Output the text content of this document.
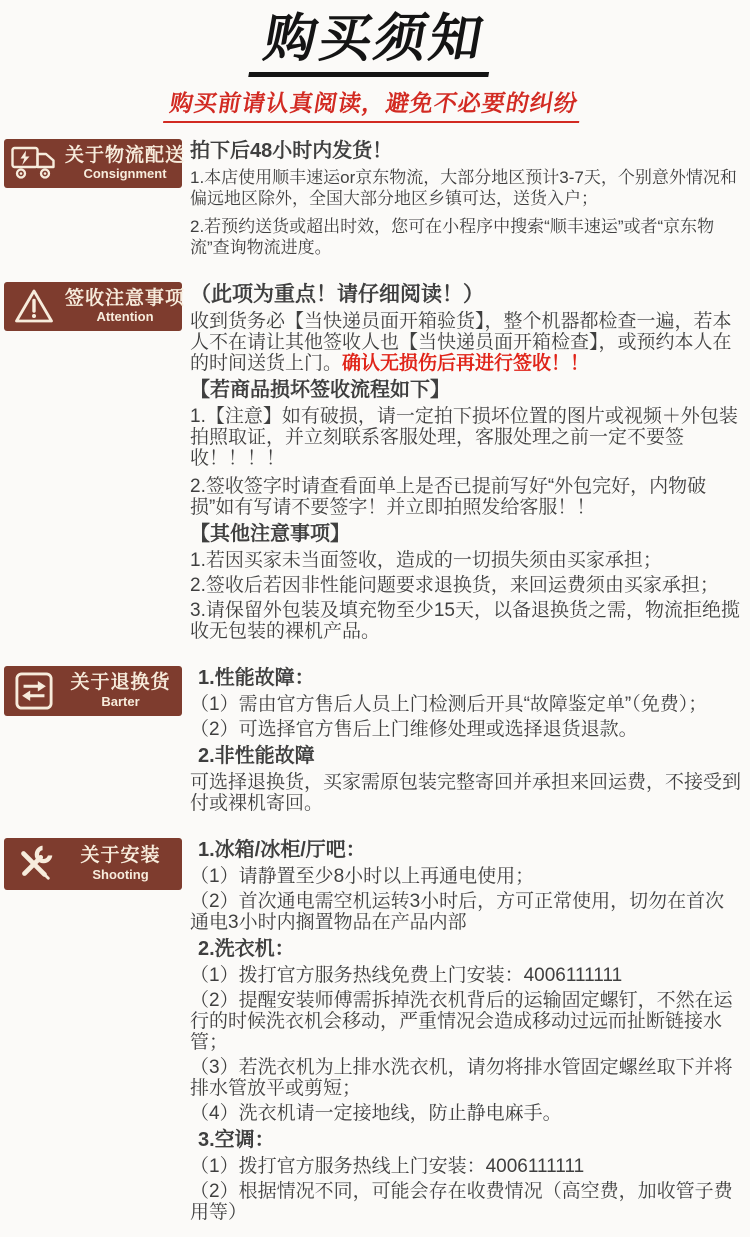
购买须知
购买前请认真阅读，避免不必要的纠纷
关于物流配送
Consignment

拍下后48小时内发货！

1.本店使用顺丰速运or京东物流，大部分地区预计3-7天，个别意外情况和偏远地区除外，全国大部分地区乡镇可达，送货入户；

2.若预约送货或超出时效，您可在小程序中搜索“顺丰速运”或者“京东物流”查询物流进度。

签收注意事项
Attention

（此项为重点！请仔细阅读！）

收到货务必【当快递员面开箱验货】，整个机器都检查一遍，若本人不在请让其他签收人也【当快递员面开箱检查】，或预约本人在的时间送货上门。确认无损伤后再进行签收！！

【若商品损坏签收流程如下】

1.【注意】如有破损，请一定拍下损坏位置的图片或视频＋外包装拍照取证，并立刻联系客服处理，客服处理之前一定不要签收！！！！

2.签收签字时请查看面单上是否已提前写好“外包完好，内物破损”如有写请不要签字！并立即拍照发给客服！！

【其他注意事项】

1.若因买家未当面签收，造成的一切损失须由买家承担；

2.签收后若因非性能问题要求退换货，来回运费须由买家承担；

3.请保留外包装及填充物至少15天，以备退换货之需，物流拒绝揽收无包装的裸机产品。

关于退换货
Barter

1.性能故障：

（1）需由官方售后人员上门检测后开具“故障鉴定单”（免费）；

（2）可选择官方售后上门维修处理或选择退货退款。

2.非性能故障

可选择退换货，买家需原包装完整寄回并承担来回运费，不接受到付或裸机寄回。

关于安装
Shooting

1.冰箱/冰柜/厅吧：

（1）请静置至少8小时以上再通电使用；

（2）首次通电需空机运转3小时后，方可正常使用，切勿在首次通电3小时内搁置物品在产品内部

2.洗衣机：

（1）拨打官方服务热线免费上门安装：4006111111

（2）提醒安装师傅需拆掉洗衣机背后的运输固定螺钉，不然在运行的时候洗衣机会移动，严重情况会造成移动过远而扯断链接水管；

（3）若洗衣机为上排水洗衣机，请勿将排水管固定螺丝取下并将排水管放平或剪短；

（4）洗衣机请一定接地线，防止静电麻手。

3.空调：

（1）拨打官方服务热线上门安装：4006111111

（2）根据情况不同，可能会存在收费情况（高空费，加收管子费用等）
